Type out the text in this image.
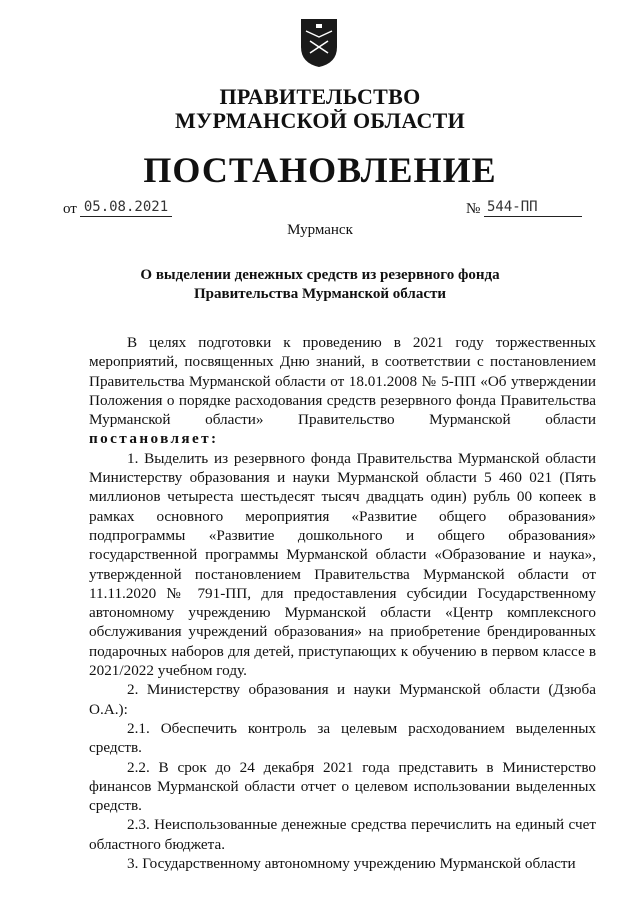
ПРАВИТЕЛЬСТВО
МУРМАНСКОЙ ОБЛАСТИ
ПОСТАНОВЛЕНИЕ
от 05.08.2021	№ 544-ПП
Мурманск
О выделении денежных средств из резервного фонда
Правительства Мурманской области

В целях подготовки к проведению в 2021 году торжественных мероприятий, посвященных Дню знаний, в соответствии с постановлением Правительства Мурманской области от 18.01.2008 № 5-ПП «Об утверждении Положения о порядке расходования средств резервного фонда Правительства Мурманской области» Правительство Мурманской области постановляет:

1. Выделить из резервного фонда Правительства Мурманской области Министерству образования и науки Мурманской области 5 460 021 (Пять миллионов четыреста шестьдесят тысяч двадцать один) рубль 00 копеек в рамках основного мероприятия «Развитие общего образования» подпрограммы «Развитие дошкольного и общего образования» государственной программы Мурманской области «Образование и наука», утвержденной постановлением Правительства Мурманской области от 11.11.2020 № 791-ПП, для предоставления субсидии Государственному автономному учреждению Мурманской области «Центр комплексного обслуживания учреждений образования» на приобретение брендированных подарочных наборов для детей, приступающих к обучению в первом классе в 2021/2022 учебном году.

2. Министерству образования и науки Мурманской области (Дзюба О.А.):

2.1. Обеспечить контроль за целевым расходованием выделенных средств.

2.2. В срок до 24 декабря 2021 года представить в Министерство финансов Мурманской области отчет о целевом использовании выделенных средств.

2.3. Неиспользованные денежные средства перечислить на единый счет областного бюджета.

3. Государственному автономному учреждению Мурманской области
